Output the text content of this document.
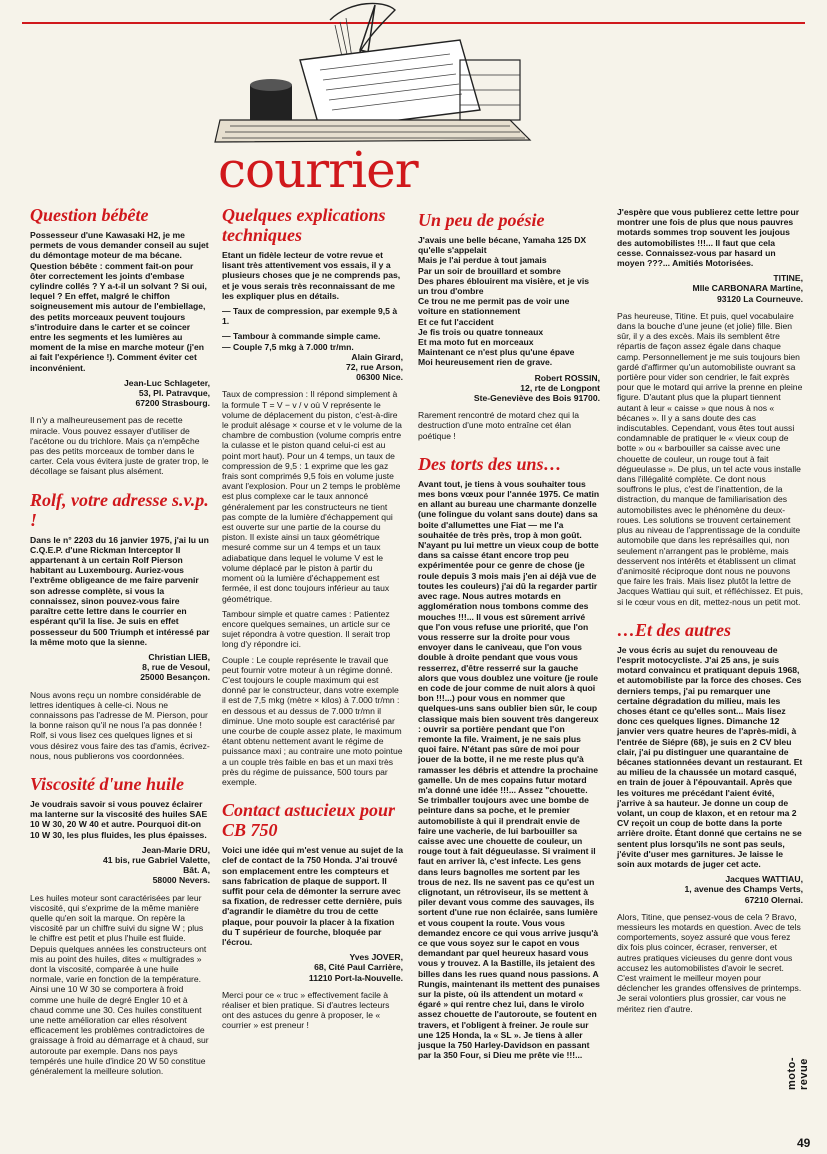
courrier
Question bébête

Possesseur d'une Kawasaki H2, je me permets de vous demander conseil au sujet du démontage moteur de ma bécane. Question bébête : comment fait-on pour ôter correctement les joints d'embase cylindre collés ? Y a-t-il un solvant ? Si oui, lequel ? En effet, malgré le chiffon soigneusement mis autour de l'embiellage, des petits morceaux peuvent toujours s'introduire dans le carter et se coincer entre les segments et les lumières au moment de la mise en marche moteur (j'en ai fait l'expérience !). Comment éviter cet inconvénient.

Jean-Luc Schlageter,
53, Pl. Patravque,
67200 Strasbourg.

Il n'y a malheureusement pas de recette miracle. Vous pouvez essayer d'utiliser de l'acétone ou du trichlore. Mais ça n'empêche pas des petits morceaux de tomber dans le carter. Cela vous évitera juste de grater trop, le décollage se faisant plus alsément.

Rolf, votre adresse s.v.p. !

Dans le n° 2203 du 16 janvier 1975, j'ai lu un C.Q.E.P. d'une Rickman Interceptor II appartenant à un certain Rolf Pierson habitant au Luxembourg. Auriez-vous l'extrême obligeance de me faire parvenir son adresse complète, si vous la connaissez, sinon pouvez-vous faire paraître cette lettre dans le courrier en espérant qu'il la lise. Je suis en effet possesseur du 500 Triumph et intéressé par la même moto que la sienne.

Christian LIEB,
8, rue de Vesoul,
25000 Besançon.

Nous avons reçu un nombre considérable de lettres identiques à celle-ci. Nous ne connaissons pas l'adresse de M. Pierson, pour la bonne raison qu'il ne nous l'a pas donnée ! Rolf, si vous lisez ces quelques lignes et si vous désirez vous faire des tas d'amis, écrivez-nous, nous publierons vos coordonnées.

Viscosité d'une huile

Je voudrais savoir si vous pouvez éclairer ma lanterne sur la viscosité des huiles SAE 10 W 30, 20 W 40 et autre. Pourquoi dit-on 10 W 30, les plus fluides, les plus épaisses.

Jean-Marie DRU,
41 bis, rue Gabriel Valette,
Bât. A,
58000 Nevers.

Les huiles moteur sont caractérisées par leur viscosité, qui s'exprime de la même manière quelle qu'en soit la marque. On repère la viscosité par un chiffre suivi du signe W ; plus le chiffre est petit et plus l'huile est fluide. Depuis quelques années les constructeurs ont mis au point des huiles, dites « multigrades » dont la viscosité, comparée à une huile normale, varie en fonction de la température. Ainsi une 10 W 30 se comportera à froid comme une huile de degré Engler 10 et à chaud comme une 30. Ces huiles constituent une nette amélioration car elles résolvent efficacement les problèmes contradictoires de graissage à froid au démarrage et à chaud, sur autoroute par exemple. Dans nos pays tempérés une huile d'indice 20 W 50 constitue généralement la meilleure solution.

Quelques explications techniques

Etant un fidèle lecteur de votre revue et lisant très attentivement vos essais, il y a plusieurs choses que je ne comprends pas, et je vous serais très reconnaissant de me les expliquer plus en détails.

— Taux de compression, par exemple 9,5 à 1.

— Tambour à commande simple came.

— Couple 7,5 mkg à 7.000 tr/mn.

Alain Girard,
72, rue Arson,
06300 Nice.

Taux de compression : Il répond simplement à la formule T = V − v / v où V représente le volume de déplacement du piston, c'est-à-dire le produit alésage × course et v le volume de la chambre de combustion (volume compris entre la culasse et le piston quand celui-ci est au point mort haut). Pour un 4 temps, un taux de compression de 9,5 : 1 exprime que les gaz frais sont comprimés 9,5 fois en volume juste avant l'explosion. Pour un 2 temps le problème est plus complexe car le taux annoncé généralement par les constructeurs ne tient pas compte de la lumière d'échappement qui est ouverte sur une partie de la course du piston. Il existe ainsi un taux géométrique mesuré comme sur un 4 temps et un taux adiabatique dans lequel le volume V est le volume déplacé par le piston à partir du moment où la lumière d'échappement est fermée, il est donc toujours inférieur au taux géométrique.

Tambour simple et quatre cames : Patientez encore quelques semaines, un article sur ce sujet répondra à votre question. Il serait trop long d'y répondre ici.

Couple : Le couple représente le travail que peut fournir votre moteur à un régime donné. C'est toujours le couple maximum qui est donné par le constructeur, dans votre exemple il est de 7,5 mkg (mètre × kilos) à 7.000 tr/mn : en dessous et au dessus de 7.000 tr/mn il diminue. Une moto souple est caractérisé par une courbe de couple assez plate, le maximum étant obtenu nettement avant le régime de puissance maxi ; au contraire une moto pointue a un couple très faible en bas et un maxi très près du régime de puissance, 500 tours par exemple.

Contact astucieux pour CB 750

Voici une idée qui m'est venue au sujet de la clef de contact de la 750 Honda. J'ai trouvé son emplacement entre les compteurs et sans fabrication de plaque de support. Il suffit pour cela de démonter la serrure avec sa fixation, de redresser cette dernière, puis d'agrandir le diamètre du trou de cette plaque, pour pouvoir la placer à la fixation du T supérieur de fourche, bloquée par l'écrou.

Yves JOVER,
68, Cité Paul Carrière,
11210 Port-la-Nouvelle.

Merci pour ce « truc » effectivement facile à réaliser et bien pratique. Si d'autres lecteurs ont des astuces du genre à proposer, le « courrier » est preneur !

Un peu de poésie

J'avais une belle bécane, Yamaha 125 DX qu'elle s'appelait

Mais je l'ai perdue à tout jamais

Par un soir de brouillard et sombre

Des phares éblouirent ma visière, et je vis un trou d'ombre

Ce trou ne me permit pas de voir une voiture en stationnement

Et ce fut l'accident

Je fis trois ou quatre tonneaux

Et ma moto fut en morceaux

Maintenant ce n'est plus qu'une épave

Moi heureusement rien de grave.

Robert ROSSIN,
12, rte de Longpont
Ste-Geneviève des Bois 91700.

Rarement rencontré de motard chez qui la destruction d'une moto entraîne cet élan poétique !

Des torts des uns…

Avant tout, je tiens à vous souhaiter tous mes bons vœux pour l'année 1975. Ce matin en allant au bureau une charmante donzelle (une folingue du volant sans doute) dans sa boite d'allumettes une Fiat — me l'a souhaitée de très près, trop à mon goût. N'ayant pu lui mettre un vieux coup de botte dans sa caisse étant encore trop peu expérimentée pour ce genre de chose (je roule depuis 3 mois mais j'en ai déjà vue de toutes les couleurs) j'ai dû la regarder partir avec rage. Nous autres motards en agglomération nous tombons comme des mouches !!!... Il vous est sûrement arrivé que l'on vous refuse une priorité, que l'on vous resserre sur la droite pour vous envoyer dans le caniveau, que l'on vous double à droite pendant que vous vous resserrez, d'être resserré sur la gauche alors que vous doublez une voiture (je roule en code de jour comme de nuit alors à quoi bon !!!...) pour vous en nommer que quelques-uns sans oublier bien sûr, le coup classique mais bien souvent très dangereux : ouvrir sa portière pendant que l'on remonte la file. Vraiment, je ne sais plus quoi faire. N'étant pas sûre de moi pour jouer de la botte, il ne me reste plus qu'à ramasser les débris et attendre la prochaine gamelle. Un de mes copains futur motard m'a donné une idée !!!... Assez "chouette. Se trimballer toujours avec une bombe de peinture dans sa poche, et le premier automobiliste à qui il prendrait envie de faire une vacherie, de lui barbouiller sa caisse avec une chouette de couleur, un rouge tout à fait dégueulasse. Si vraiment il faut en arriver là, c'est infecte. Les gens dans leurs bagnolles me sortent par les trous de nez. Ils ne savent pas ce qu'est un clignotant, un rétroviseur, ils se mettent à piler devant vous comme des sauvages, ils sortent d'une rue non éclairée, sans lumière et vous coupent la route. Vous vous demandez encore ce qui vous arrive jusqu'à ce que vous soyez sur le capot en vous demandant par quel heureux hasard vous vous y trouvez. A la Bastille, ils jetaient des billes dans les rues quand nous passions. A Rungis, maintenant ils mettent des punaises sur la piste, où ils attendent un motard « égaré » qui rentre chez lui, dans le virolo assez chouette de l'autoroute, se foutent en travers, et l'obligent à freiner. Je roule sur une 125 Honda, la « SL ». Je tiens à aller jusque la 750 Harley-Davidson en passant par la 350 Four, si Dieu me prête vie !!!...

J'espère que vous publierez cette lettre pour montrer une fois de plus que nous pauvres motards sommes trop souvent les joujous des automobilistes !!!... Il faut que cela cesse. Connaissez-vous par hasard un moyen ???... Amitiés Motorisées.

TITINE,
Mlle CARBONARA Martine,
93120 La Courneuve.

Pas heureuse, Titine. Et puis, quel vocabulaire dans la bouche d'une jeune (et jolie) fille. Bien sûr, il y a des excès. Mais ils semblent être répartis de façon assez égale dans chaque camp. Personnellement je me suis toujours bien gardé d'affirmer qu'un automobiliste ouvrant sa portière pour vider son cendrier, le fait exprès pour que le motard qui arrive la prenne en pleine figure. D'autant plus que la plupart tiennent autant à leur « caisse » que nous à nos « bécanes ». Il y a sans doute des cas indiscutables. Cependant, vous êtes tout aussi condamnable de pratiquer le « vieux coup de botte » ou « barbouiller sa caisse avec une chouette de couleur, un rouge tout à fait dégueulasse ». De plus, un tel acte vous installe dans l'illégalité complète. Ce dont nous souffrons le plus, c'est de l'inattention, de la distraction, du manque de familiarisation des automobilistes avec le phénomène du deux-roues. Les solutions se trouvent certainement plus au niveau de l'apprentissage de la conduite automobile que dans les représailles qui, non seulement n'arrangent pas le problème, mais desservent nos intérêts et établissent un climat d'animosité réciproque dont nous ne pouvons que faire les frais. Mais lisez plutôt la lettre de Jacques Wattiau qui suit, et réfléchissez. Et puis, si le cœur vous en dit, mettez-nous un petit mot.

…Et des autres

Je vous écris au sujet du renouveau de l'esprit motocycliste. J'ai 25 ans, je suis motard convaincu et pratiquant depuis 1968, et automobiliste par la force des choses. Ces derniers temps, j'ai pu remarquer une certaine dégradation du milieu, mais les choses étant ce qu'elles sont... Mais lisez donc ces quelques lignes. Dimanche 12 janvier vers quatre heures de l'après-midi, à l'entrée de Siépre (68), je suis en 2 CV bleu clair, j'ai pu distinguer une quarantaine de bécanes stationnées devant un restaurant. Et au milieu de la chaussée un motard casqué, en train de jouer à l'épouvantail. Après que les voitures me précédant l'aient évité, j'arrive à sa hauteur. Je donne un coup de volant, un coup de klaxon, et en retour ma 2 CV reçoit un coup de botte dans la porte arrière droite. Étant donné que certains ne se sentent plus lorsqu'ils ne sont pas seuls, j'évite d'user mes garnitures. Je laisse le soin aux motards de juger cet acte.

Jacques WATTIAU,
1, avenue des Champs Verts,
67210 Olernai.

Alors, Titine, que pensez-vous de cela ? Bravo, messieurs les motards en question. Avec de tels comportements, soyez assuré que vous ferez dix fois plus coincer, écraser, renverser, et autres pratiques vicieuses du genre dont vous accusez les automobilistes d'avoir le secret. C'est vraiment le meilleur moyen pour déclencher les grandes offensives de printemps. Je serai volontiers plus grossier, car vous ne méritez rien d'autre.

moto-revue
49
